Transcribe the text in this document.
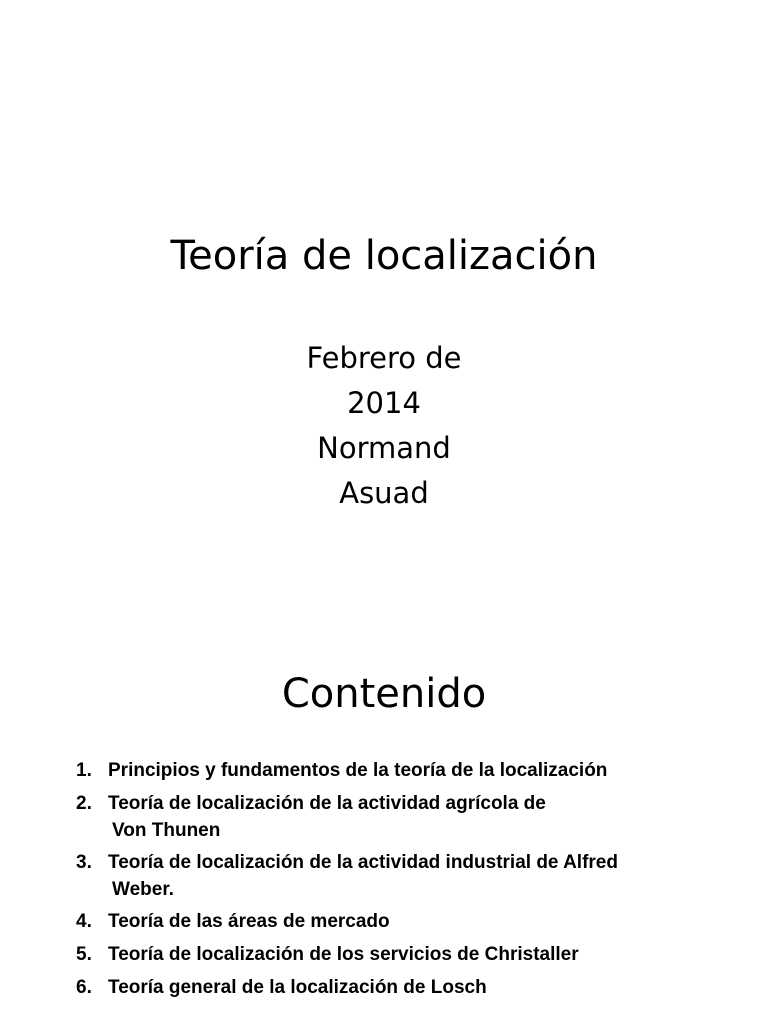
Teoría de localización
Febrero de
2014
Normand
Asuad
Contenido
1. Principios y fundamentos de la teoría de la localización
2. Teoría de localización de la actividad agrícola de
Von Thunen
3. Teoría de localización de la actividad industrial de Alfred
Weber.
4. Teoría de las áreas de mercado
5. Teoría de localización de los servicios de Christaller
6. Teoría general de la localización de Losch
